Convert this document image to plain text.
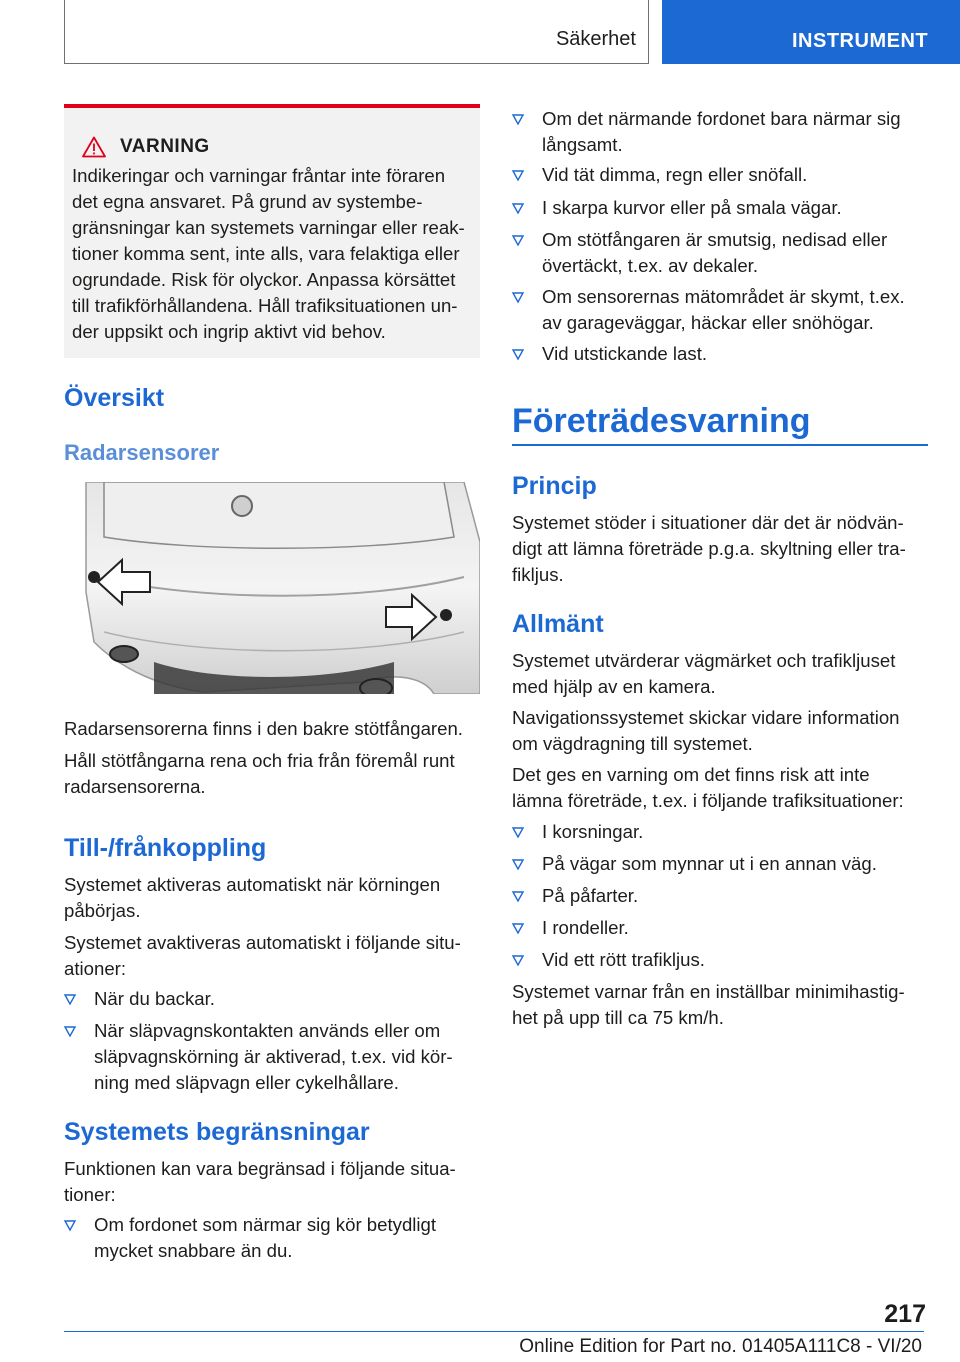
Säkerhet	INSTRUMENT
VARNING
Indikeringar och varningar fråntar inte föraren
det egna ansvaret. På grund av systembe-
gränsningar kan systemets varningar eller reak-
tioner komma sent, inte alls, vara felaktiga eller
ogrundade. Risk för olyckor. Anpassa körsättet
till trafikförhållandena. Håll trafiksituationen un-
der uppsikt och ingrip aktivt vid behov.
Översikt
Radarsensorer
Radarsensorerna finns i den bakre stötfångaren.
Håll stötfångarna rena och fria från föremål runt
radarsensorerna.
Till-/frånkoppling
Systemet aktiveras automatiskt när körningen
påbörjas.
Systemet avaktiveras automatiskt i följande situ-
ationer:
När du backar.
När släpvagnskontakten används eller om
släpvagnskörning är aktiverad, t.ex. vid kör-
ning med släpvagn eller cykelhållare.
Systemets begränsningar
Funktionen kan vara begränsad i följande situa-
tioner:
Om fordonet som närmar sig kör betydligt
mycket snabbare än du.
Om det närmande fordonet bara närmar sig
långsamt.
Vid tät dimma, regn eller snöfall.
I skarpa kurvor eller på smala vägar.
Om stötfångaren är smutsig, nedisad eller
övertäckt, t.ex. av dekaler.
Om sensorernas mätområdet är skymt, t.ex.
av garageväggar, häckar eller snöhögar.
Vid utstickande last.
Företrädesvarning
Princip
Systemet stöder i situationer där det är nödvän-
digt att lämna företräde p.g.a. skyltning eller tra-
fikljus.
Allmänt
Systemet utvärderar vägmärket och trafikljuset
med hjälp av en kamera.
Navigationssystemet skickar vidare information
om vägdragning till systemet.
Det ges en varning om det finns risk att inte
lämna företräde, t.ex. i följande trafiksituationer:
I korsningar.
På vägar som mynnar ut i en annan väg.
På påfarter.
I rondeller.
Vid ett rött trafikljus.
Systemet varnar från en inställbar minimihastig-
het på upp till ca 75 km/h.
217
Online Edition for Part no. 01405A111C8 - VI/20
